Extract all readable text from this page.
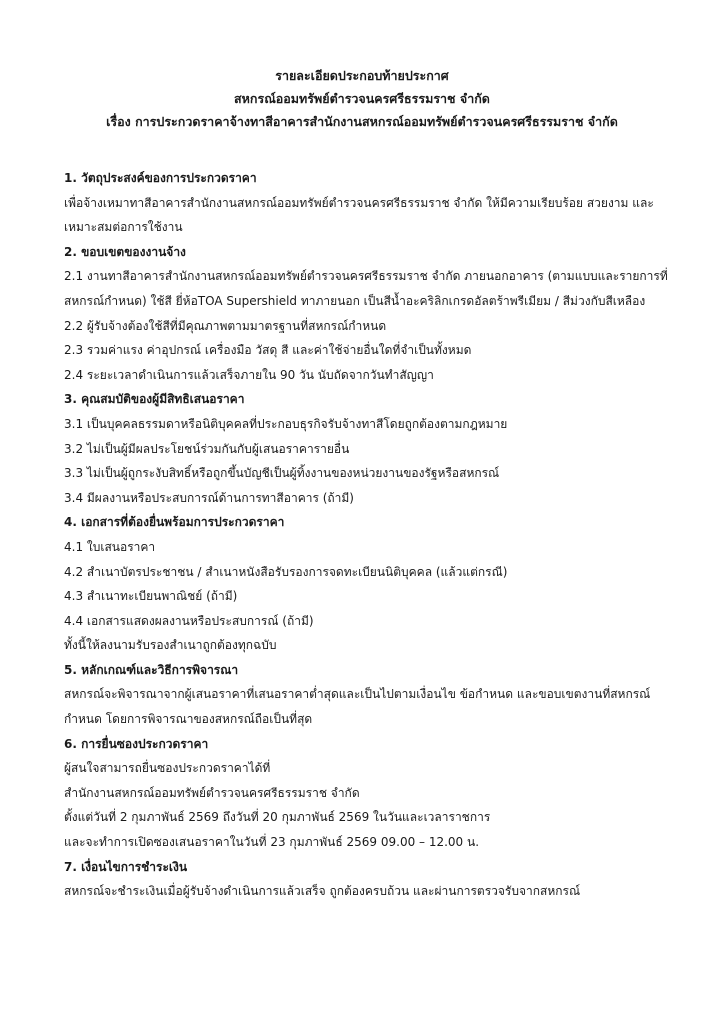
รายละเอียดประกอบท้ายประกาศ
สหกรณ์ออมทรัพย์ตำรวจนครศรีธรรมราช จำกัด
เรื่อง การประกวดราคาจ้างทาสีอาคารสำนักงานสหกรณ์ออมทรัพย์ตำรวจนครศรีธรรมราช จำกัด
1. วัตถุประสงค์ของการประกวดราคา
เพื่อจ้างเหมาทาสีอาคารสำนักงานสหกรณ์ออมทรัพย์ตำรวจนครศรีธรรมราช จำกัด ให้มีความเรียบร้อย สวยงาม และ
เหมาะสมต่อการใช้งาน
2. ขอบเขตของงานจ้าง
2.1 งานทาสีอาคารสำนักงานสหกรณ์ออมทรัพย์ตำรวจนครศรีธรรมราช จำกัด ภายนอกอาคาร (ตามแบบและรายการที่
สหกรณ์กำหนด) ใช้สี ยี่ห้อTOA Supershield ทาภายนอก เป็นสีน้ำอะคริลิกเกรดอัลตร้าพรีเมียม / สีม่วงกับสีเหลือง
2.2 ผู้รับจ้างต้องใช้สีที่มีคุณภาพตามมาตรฐานที่สหกรณ์กำหนด
2.3 รวมค่าแรง ค่าอุปกรณ์ เครื่องมือ วัสดุ สี และค่าใช้จ่ายอื่นใดที่จำเป็นทั้งหมด
2.4 ระยะเวลาดำเนินการแล้วเสร็จภายใน 90 วัน นับถัดจากวันทำสัญญา
3. คุณสมบัติของผู้มีสิทธิเสนอราคา
3.1 เป็นบุคคลธรรมดาหรือนิติบุคคลที่ประกอบธุรกิจรับจ้างทาสีโดยถูกต้องตามกฎหมาย
3.2 ไม่เป็นผู้มีผลประโยชน์ร่วมกันกับผู้เสนอราคารายอื่น
3.3 ไม่เป็นผู้ถูกระงับสิทธิ์หรือถูกขึ้นบัญชีเป็นผู้ทิ้งงานของหน่วยงานของรัฐหรือสหกรณ์
3.4 มีผลงานหรือประสบการณ์ด้านการทาสีอาคาร (ถ้ามี)
4. เอกสารที่ต้องยื่นพร้อมการประกวดราคา
4.1 ใบเสนอราคา
4.2 สำเนาบัตรประชาชน / สำเนาหนังสือรับรองการจดทะเบียนนิติบุคคล (แล้วแต่กรณี)
4.3 สำเนาทะเบียนพาณิชย์ (ถ้ามี)
4.4 เอกสารแสดงผลงานหรือประสบการณ์ (ถ้ามี)
ทั้งนี้ให้ลงนามรับรองสำเนาถูกต้องทุกฉบับ
5. หลักเกณฑ์และวิธีการพิจารณา
สหกรณ์จะพิจารณาจากผู้เสนอราคาที่เสนอราคาต่ำสุดและเป็นไปตามเงื่อนไข ข้อกำหนด และขอบเขตงานที่สหกรณ์
กำหนด โดยการพิจารณาของสหกรณ์ถือเป็นที่สุด
6. การยื่นซองประกวดราคา
ผู้สนใจสามารถยื่นซองประกวดราคาได้ที่
สำนักงานสหกรณ์ออมทรัพย์ตำรวจนครศรีธรรมราช จำกัด
ตั้งแต่วันที่ 2 กุมภาพันธ์ 2569 ถึงวันที่ 20 กุมภาพันธ์ 2569 ในวันและเวลาราชการ
และจะทำการเปิดซองเสนอราคาในวันที่ 23 กุมภาพันธ์ 2569 09.00 – 12.00 น.
7. เงื่อนไขการชำระเงิน
สหกรณ์จะชำระเงินเมื่อผู้รับจ้างดำเนินการแล้วเสร็จ ถูกต้องครบถ้วน และผ่านการตรวจรับจากสหกรณ์
